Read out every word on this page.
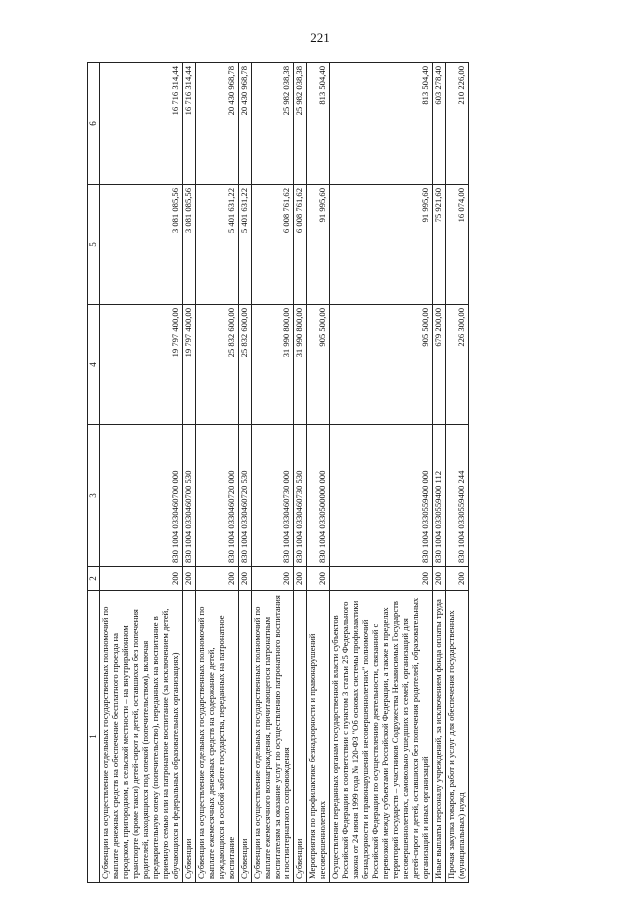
221
1	2	3	4	5	6
Субвенции на осуществление отдельных государственных полномочий по выплате денежных средств на обеспечение бесплатного проезда на городском, пригородном, в сельской местности – на внутрирайонном транспорте (кроме такси) детей-сирот и детей, оставшихся без попечения родителей, находящихся под опекой (попечительством), включая предварительную опеку (попечительство), переданных на воспитание в приемную семью или на патронатное воспитание (за исключением детей, обучающихся в федеральных образовательных организациях)	200	830 1004 0330460700 000	19 797 400,00	3 081 085,56	16 716 314,44
Субвенции	200	830 1004 0330460700 530	19 797 400,00	3 081 085,56	16 716 314,44
Субвенции на осуществление отдельных государственных полномочий по выплате ежемесячных денежных средств на содержание детей, нуждающихся в особой заботе государства, переданных на патронатное воспитание	200	830 1004 0330460720 000	25 832 600,00	5 401 631,22	20 430 968,78
Субвенции	200	830 1004 0330460720 530	25 832 600,00	5 401 631,22	20 430 968,78
Субвенции на осуществление отдельных государственных полномочий по выплате ежемесячного вознаграждения, причитающегося патронатным воспитателям за оказание услуг по осуществлению патронатного воспитания и постинтернатного сопровождения	200	830 1004 0330460730 000	31 990 800,00	6 008 761,62	25 982 038,38
Субвенции	200	830 1004 0330460730 530	31 990 800,00	6 008 761,62	25 982 038,38
Мероприятия по профилактике безнадзорности и правонарушений несовершеннолетних	200	830 1004 0330500000 000	905 500,00	91 995,60	813 504,40
Осуществление переданных органам государственной власти субъектов Российской Федерации в соответствии с пунктом 3 статьи 25 Федерального закона от 24 июня 1999 года № 120-ФЗ "Об основах системы профилактики безнадзорности и правонарушений несовершеннолетних" полномочий Российской Федерации по осуществлению деятельности, связанной с перевозкой между субъектами Российской Федерации, а также в пределах территорий государств – участников Содружества Независимых Государств несовершеннолетних, самовольно ушедших из семей, организаций для детей-сирот и детей, оставшихся без попечения родителей, образовательных организаций и иных организаций	200	830 1004 0330559400 000	905 500,00	91 995,60	813 504,40
Иные выплаты персоналу учреждений, за исключением фонда оплаты труда	200	830 1004 0330559400 112	679 200,00	75 921,60	603 278,40
Прочая закупка товаров, работ и услуг для обеспечения государственных (муниципальных) нужд	200	830 1004 0330559400 244	226 300,00	16 074,00	210 226,00
